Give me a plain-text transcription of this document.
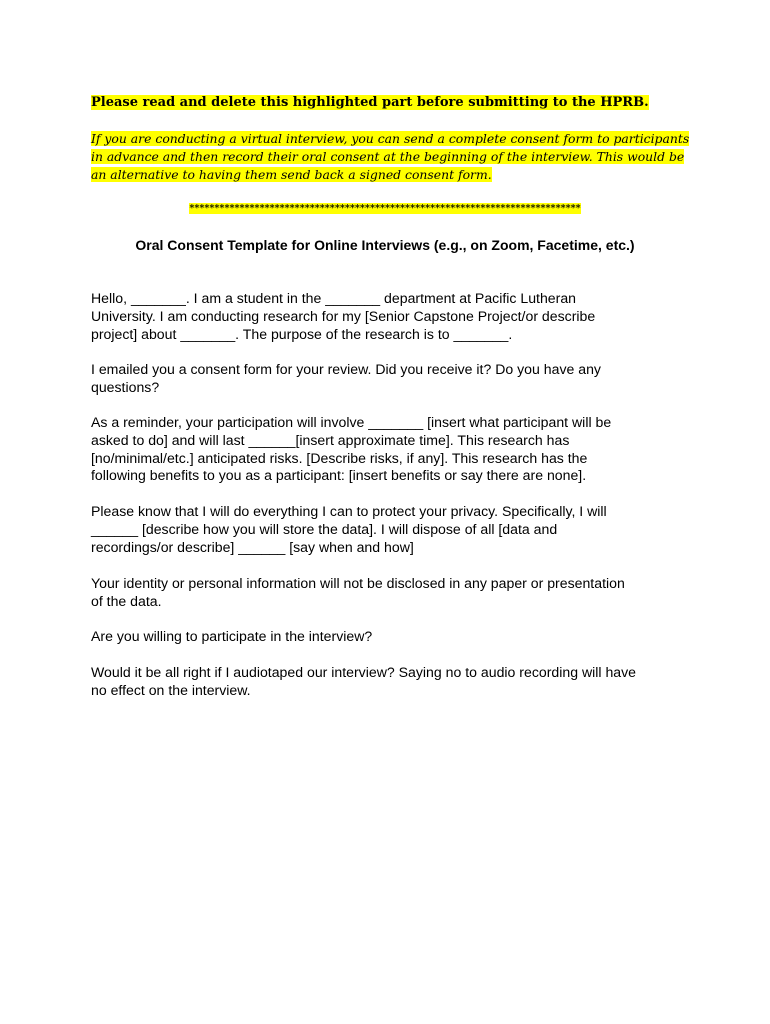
Please read and delete this highlighted part before submitting to the HPRB.
If you are conducting a virtual interview, you can send a complete consent form to participants
in advance and then record their oral consent at the beginning of the interview. This would be
an alternative to having them send back a signed consent form.
******************************************************************************
Oral Consent Template for Online Interviews (e.g., on Zoom, Facetime, etc.)
Hello, _______. I am a student in the _______ department at Pacific Lutheran
University. I am conducting research for my [Senior Capstone Project/or describe
project] about _______. The purpose of the research is to _______.
I emailed you a consent form for your review. Did you receive it? Do you have any
questions?
As a reminder, your participation will involve _______ [insert what participant will be
asked to do] and will last ______[insert approximate time]. This research has
[no/minimal/etc.] anticipated risks. [Describe risks, if any]. This research has the
following benefits to you as a participant: [insert benefits or say there are none].
Please know that I will do everything I can to protect your privacy. Specifically, I will
______ [describe how you will store the data]. I will dispose of all [data and
recordings/or describe] ______ [say when and how]
Your identity or personal information will not be disclosed in any paper or presentation
of the data.
Are you willing to participate in the interview?
Would it be all right if I audiotaped our interview? Saying no to audio recording will have
no effect on the interview.
